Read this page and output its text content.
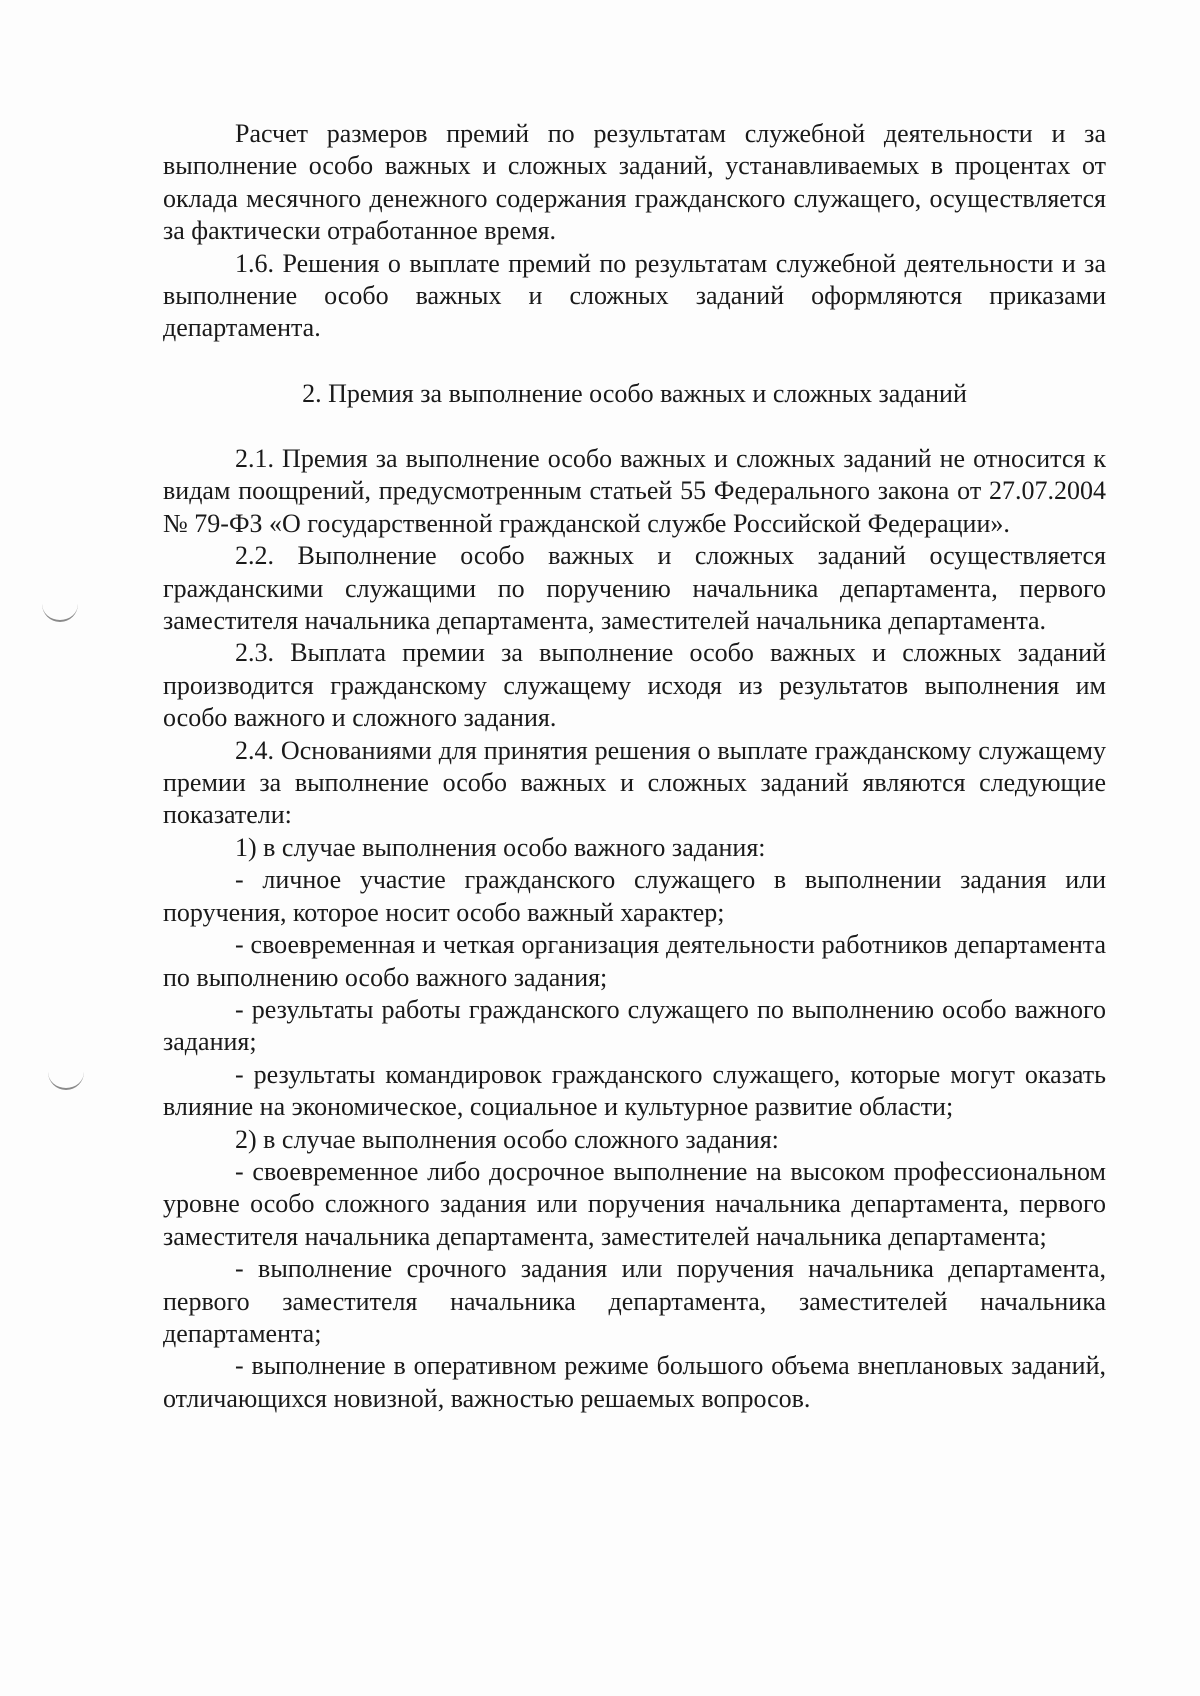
Расчет размеров премий по результатам служебной деятельности и за выполнение особо важных и сложных заданий, устанавливаемых в процентах от оклада месячного денежного содержания гражданского служащего, осуществляется за фактически отработанное время.

1.6. Решения о выплате премий по результатам служебной деятельности и за выполнение особо важных и сложных заданий оформляются приказами департамента.

2. Премия за выполнение особо важных и сложных заданий

2.1. Премия за выполнение особо важных и сложных заданий не относится к видам поощрений, предусмотренным статьей 55 Федерального закона от 27.07.2004 № 79-ФЗ «О государственной гражданской службе Российской Федерации».

2.2. Выполнение особо важных и сложных заданий осуществляется гражданскими служащими по поручению начальника департамента, первого заместителя начальника департамента, заместителей начальника департамента.

2.3. Выплата премии за выполнение особо важных и сложных заданий производится гражданскому служащему исходя из результатов выполнения им особо важного и сложного задания.

2.4. Основаниями для принятия решения о выплате гражданскому служащему премии за выполнение особо важных и сложных заданий являются следующие показатели:

1) в случае выполнения особо важного задания:

- личное участие гражданского служащего в выполнении задания или поручения, которое носит особо важный характер;

- своевременная и четкая организация деятельности работников департамента по выполнению особо важного задания;

- результаты работы гражданского служащего по выполнению особо важного задания;

- результаты командировок гражданского служащего, которые могут оказать влияние на экономическое, социальное и культурное развитие области;

2) в случае выполнения особо сложного задания:

- своевременное либо досрочное выполнение на высоком профессиональном уровне особо сложного задания или поручения начальника департамента, первого заместителя начальника департамента, заместителей начальника департамента;

- выполнение срочного задания или поручения начальника департамента, первого заместителя начальника департамента, заместителей начальника департамента;

- выполнение в оперативном режиме большого объема внеплановых заданий, отличающихся новизной, важностью решаемых вопросов.
